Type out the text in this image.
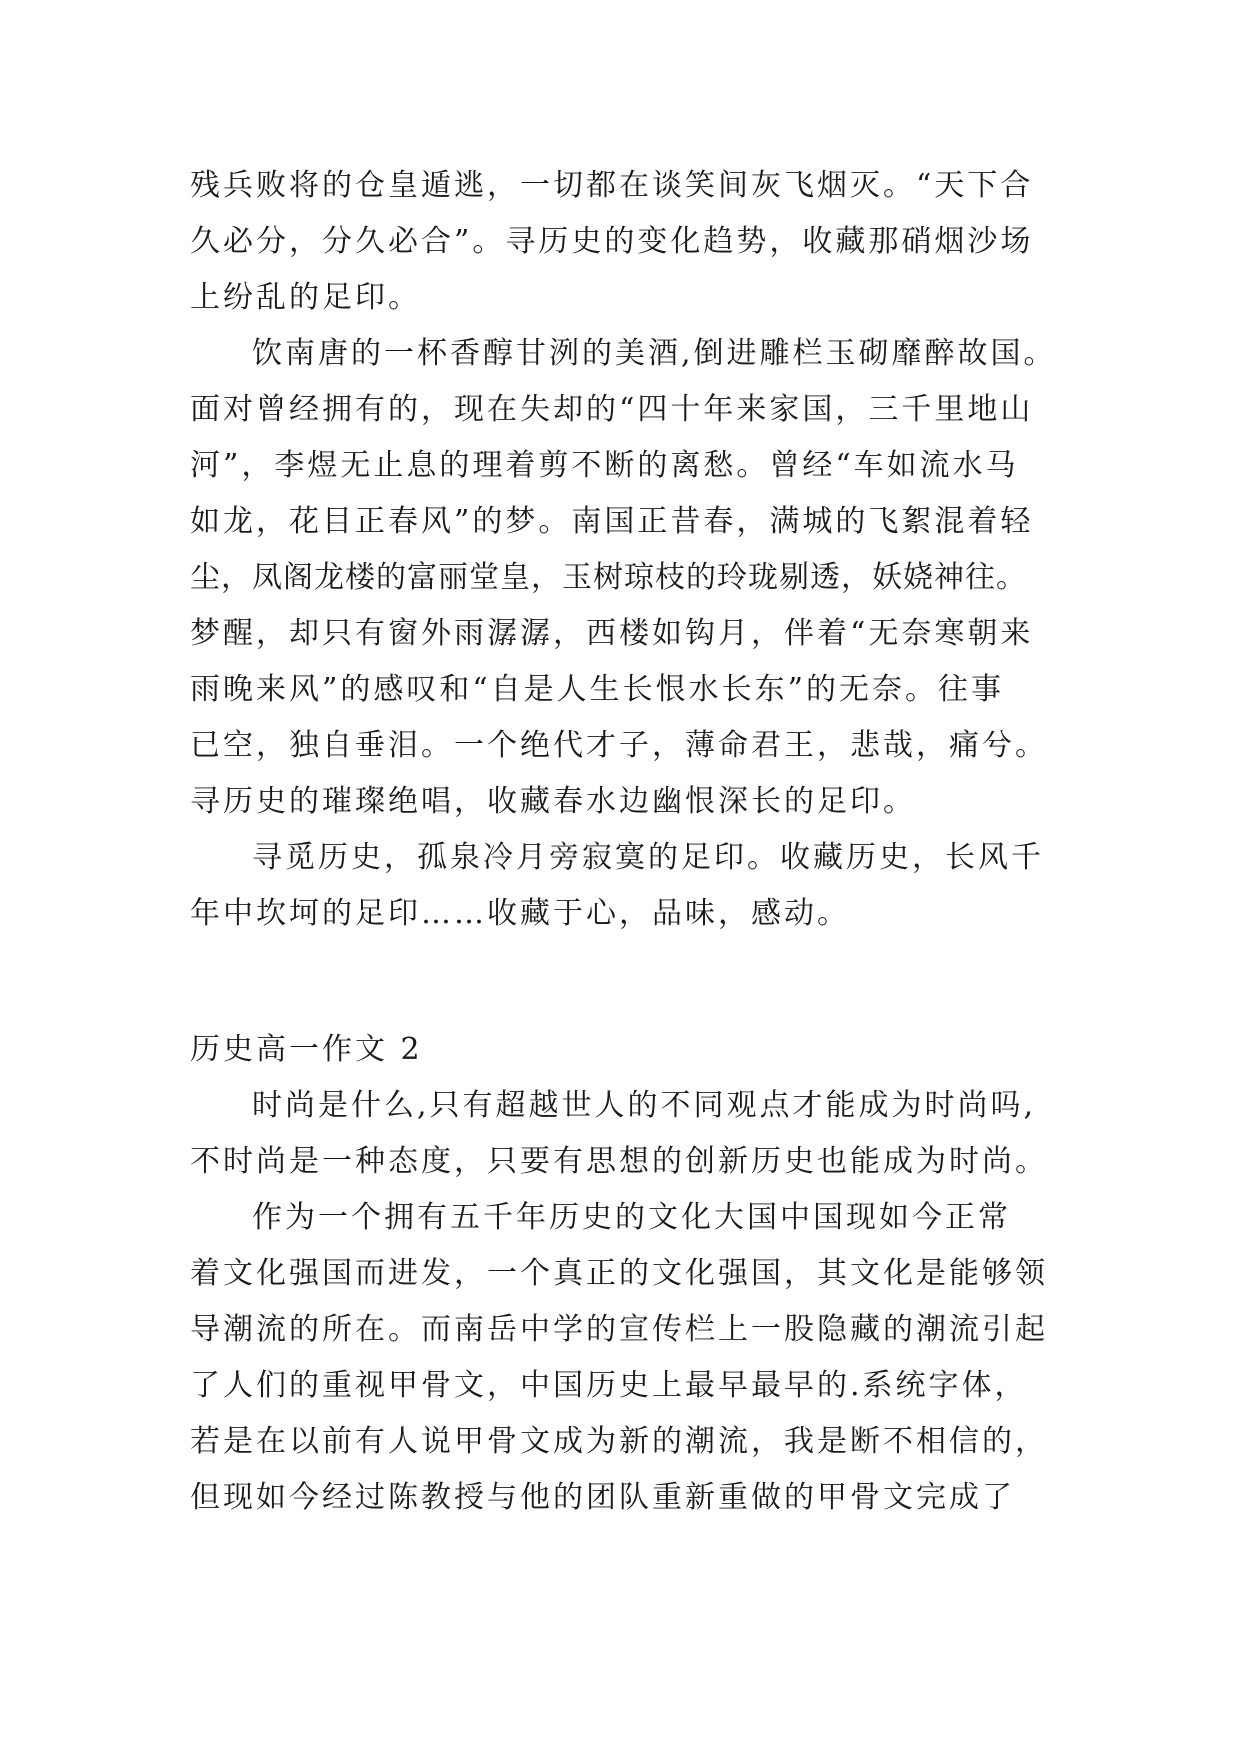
残兵败将的仓皇遁逃，一切都在谈笑间灰飞烟灭。“天下合
久必分，分久必合”。寻历史的变化趋势，收藏那硝烟沙场
上纷乱的足印。
饮南唐的一杯香醇甘洌的美酒,倒进雕栏玉砌靡醉故国。
面对曾经拥有的，现在失却的“四十年来家国，三千里地山
河”，李煜无止息的理着剪不断的离愁。曾经“车如流水马
如龙，花目正春风”的梦。南国正昔春，满城的飞絮混着轻
尘，凤阁龙楼的富丽堂皇，玉树琼枝的玲珑剔透，妖娆神往。
梦醒，却只有窗外雨潺潺，西楼如钩月，伴着“无奈寒朝来
雨晚来风”的感叹和“自是人生长恨水长东”的无奈。往事
已空，独自垂泪。一个绝代才子，薄命君王，悲哉，痛兮。
寻历史的璀璨绝唱，收藏春水边幽恨深长的足印。
寻觅历史，孤泉冷月旁寂寞的足印。收藏历史，长风千
年中坎坷的足印……收藏于心，品味，感动。
历史高一作文 2
时尚是什么,只有超越世人的不同观点才能成为时尚吗,
不时尚是一种态度，只要有思想的创新历史也能成为时尚。
作为一个拥有五千年历史的文化大国中国现如今正常
着文化强国而进发，一个真正的文化强国，其文化是能够领
导潮流的所在。而南岳中学的宣传栏上一股隐藏的潮流引起
了人们的重视甲骨文，中国历史上最早最早的.系统字体，
若是在以前有人说甲骨文成为新的潮流，我是断不相信的，
但现如今经过陈教授与他的团队重新重做的甲骨文完成了
